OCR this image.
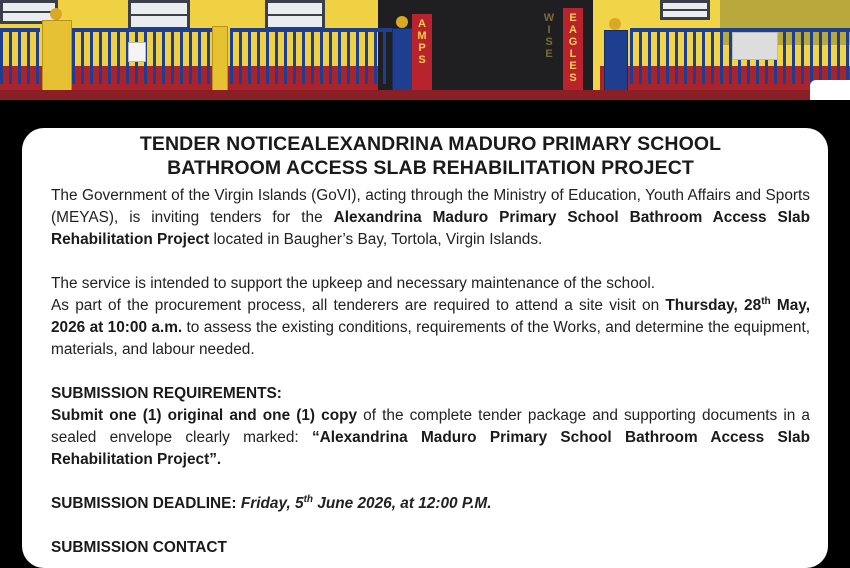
A
M
P
S
W
I
S
E
E
A
G
L
E
S
TENDER NOTICEALEXANDRINA MADURO PRIMARY SCHOOL
BATHROOM ACCESS SLAB REHABILITATION PROJECT

The Government of the Virgin Islands (GoVI), acting through the Ministry of Education, Youth Affairs and Sports (MEYAS), is inviting tenders for the Alexandrina Maduro Primary School Bathroom Access Slab Rehabilitation Project located in Baugher’s Bay, Tortola, Virgin Islands.

The service is intended to support the upkeep and necessary maintenance of the school.

As part of the procurement process, all tenderers are required to attend a site visit on Thursday, 28th May, 2026 at 10:00 a.m. to assess the existing conditions, requirements of the Works, and determine the equipment, materials, and labour needed.

SUBMISSION REQUIREMENTS:

Submit one (1) original and one (1) copy of the complete tender package and supporting documents in a sealed envelope clearly marked: “Alexandrina Maduro Primary School Bathroom Access Slab Rehabilitation Project”.

SUBMISSION DEADLINE: Friday, 5th June 2026, at 12:00 P.M.

SUBMISSION CONTACT
